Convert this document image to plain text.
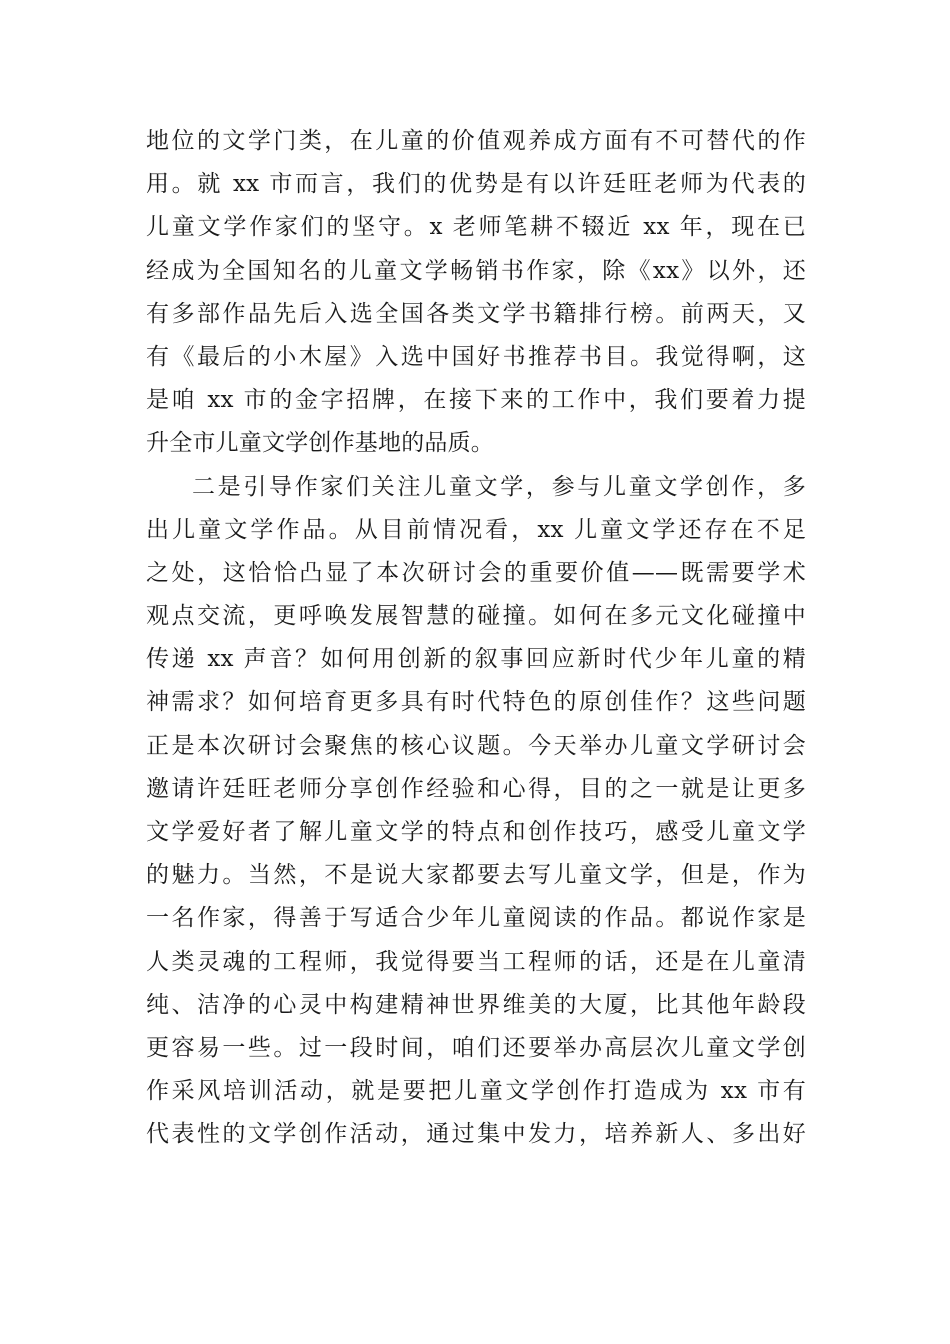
地位的文学门类，在儿童的价值观养成方面有不可替代的作
用。就 xx 市而言，我们的优势是有以许廷旺老师为代表的
儿童文学作家们的坚守。x 老师笔耕不辍近 xx 年，现在已
经成为全国知名的儿童文学畅销书作家，除《xx》以外，还
有多部作品先后入选全国各类文学书籍排行榜。前两天，又
有《最后的小木屋》入选中国好书推荐书目。我觉得啊，这
是咱 xx 市的金字招牌，在接下来的工作中，我们要着力提
升全市儿童文学创作基地的品质。
二是引导作家们关注儿童文学，参与儿童文学创作，多
出儿童文学作品。从目前情况看，xx 儿童文学还存在不足
之处，这恰恰凸显了本次研讨会的重要价值——既需要学术
观点交流，更呼唤发展智慧的碰撞。如何在多元文化碰撞中
传递 xx 声音？如何用创新的叙事回应新时代少年儿童的精
神需求？如何培育更多具有时代特色的原创佳作？这些问题
正是本次研讨会聚焦的核心议题。今天举办儿童文学研讨会
邀请许廷旺老师分享创作经验和心得，目的之一就是让更多
文学爱好者了解儿童文学的特点和创作技巧，感受儿童文学
的魅力。当然，不是说大家都要去写儿童文学，但是，作为
一名作家，得善于写适合少年儿童阅读的作品。都说作家是
人类灵魂的工程师，我觉得要当工程师的话，还是在儿童清
纯、洁净的心灵中构建精神世界维美的大厦，比其他年龄段
更容易一些。过一段时间，咱们还要举办高层次儿童文学创
作采风培训活动，就是要把儿童文学创作打造成为 xx 市有
代表性的文学创作活动，通过集中发力，培养新人、多出好
